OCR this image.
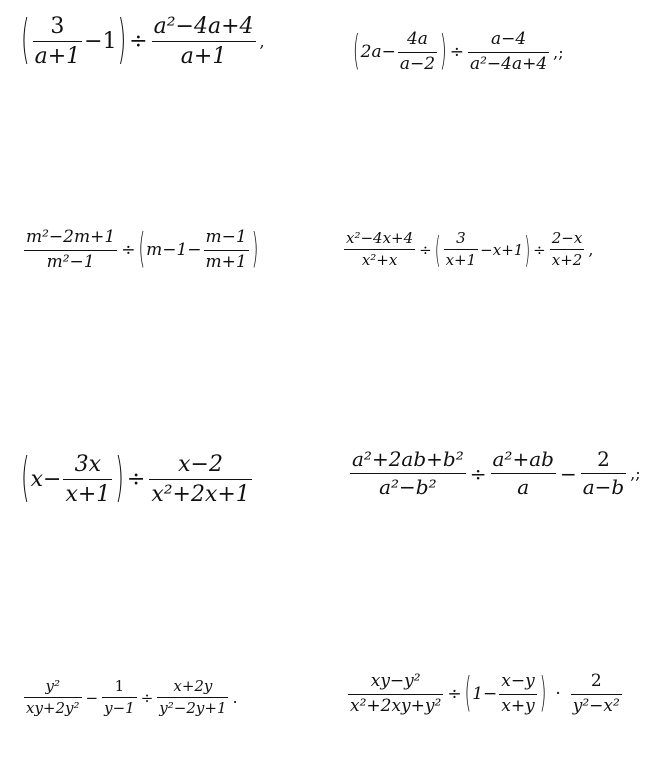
( $\frac{3}{a+1} -1$ ) ÷ $\frac{\text{a²−4a+4}}{a+1}$ ,	( $2a- \frac{4a}{a-2}$ ) ÷ $\frac{a-4}{\text{a²−4a+4}}$ ,;
$\frac{\text{m²−2m+1}}{\text{m²−1}}$ ÷ ( $m-1- \frac{m-1}{m+1}$ )	$\frac{\text{x²−4x+4}}{\text{x²+x}}$ ÷ ( $\frac{3}{x+1} -x+1$ ) ÷ $\frac{2-x}{x+2}$ ,
( $x- \frac{3x}{x+1}$ ) ÷ $\frac{x-2}{\text{x²+2x+1}}$	$\frac{\text{a²+2ab+b²}}{\text{a²−b²}} \div \frac{\text{a²+ab}}{a} - \frac{2}{a-b}$ ,;
$\frac{\text{y²}}{\text{xy+2y²}} - \frac{1}{y-1} \div \frac{x+2y}{\text{y²−2y+1}}$ .	$\frac{\text{xy−y²}}{\text{x²+2xy+y²}}$ ÷ ( $1- \frac{x-y}{x+y}$ ) · $\frac{2}{\text{y²−x²}}$
